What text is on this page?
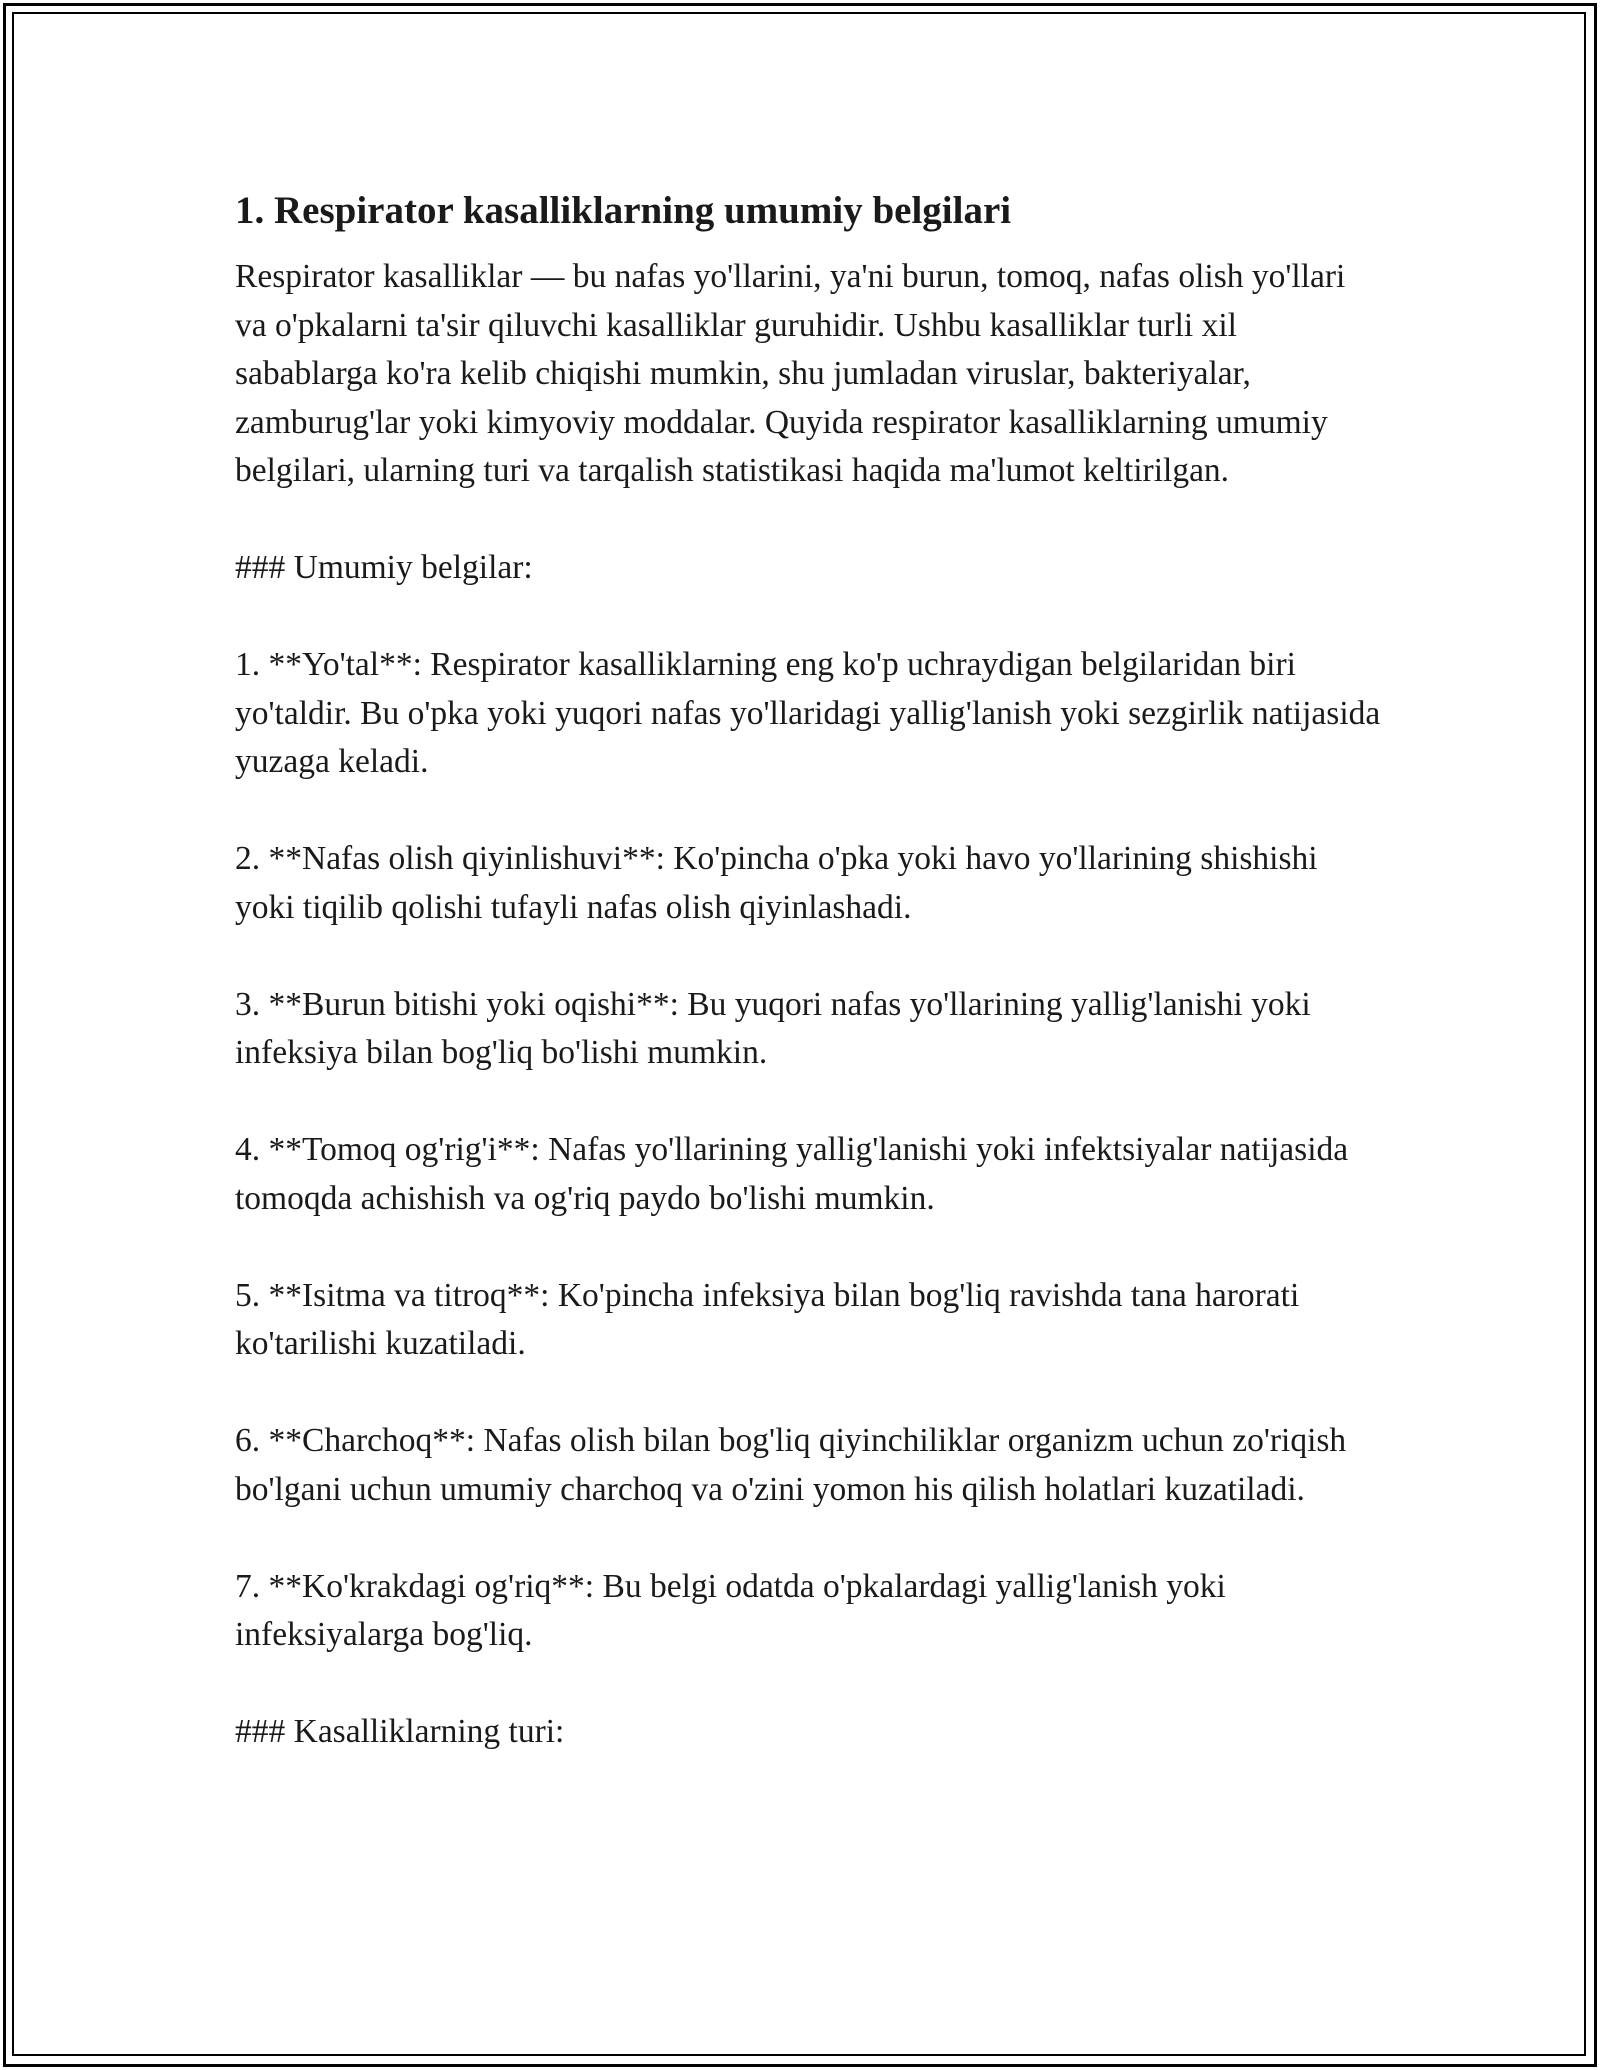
1. Respirator kasalliklarning umumiy belgilari

Respirator kasalliklar — bu nafas yo'llarini, ya'ni burun, tomoq, nafas olish yo'llari va o'pkalarni ta'sir qiluvchi kasalliklar guruhidir. Ushbu kasalliklar turli xil sabablarga ko'ra kelib chiqishi mumkin, shu jumladan viruslar, bakteriyalar, zamburug'lar yoki kimyoviy moddalar. Quyida respirator kasalliklarning umumiy belgilari, ularning turi va tarqalish statistikasi haqida ma'lumot keltirilgan.

### Umumiy belgilar:

1. **Yo'tal**: Respirator kasalliklarning eng ko'p uchraydigan belgilaridan biri yo'taldir. Bu o'pka yoki yuqori nafas yo'llaridagi yallig'lanish yoki sezgirlik natijasida yuzaga keladi.

2. **Nafas olish qiyinlishuvi**: Ko'pincha o'pka yoki havo yo'llarining shishishi yoki tiqilib qolishi tufayli nafas olish qiyinlashadi.

3. **Burun bitishi yoki oqishi**: Bu yuqori nafas yo'llarining yallig'lanishi yoki infeksiya bilan bog'liq bo'lishi mumkin.

4. **Tomoq og'rig'i**: Nafas yo'llarining yallig'lanishi yoki infektsiyalar natijasida tomoqda achishish va og'riq paydo bo'lishi mumkin.

5. **Isitma va titroq**: Ko'pincha infeksiya bilan bog'liq ravishda tana harorati ko'tarilishi kuzatiladi.

6. **Charchoq**: Nafas olish bilan bog'liq qiyinchiliklar organizm uchun zo'riqish bo'lgani uchun umumiy charchoq va o'zini yomon his qilish holatlari kuzatiladi.

7. **Ko'krakdagi og'riq**: Bu belgi odatda o'pkalardagi yallig'lanish yoki infeksiyalarga bog'liq.

### Kasalliklarning turi:
